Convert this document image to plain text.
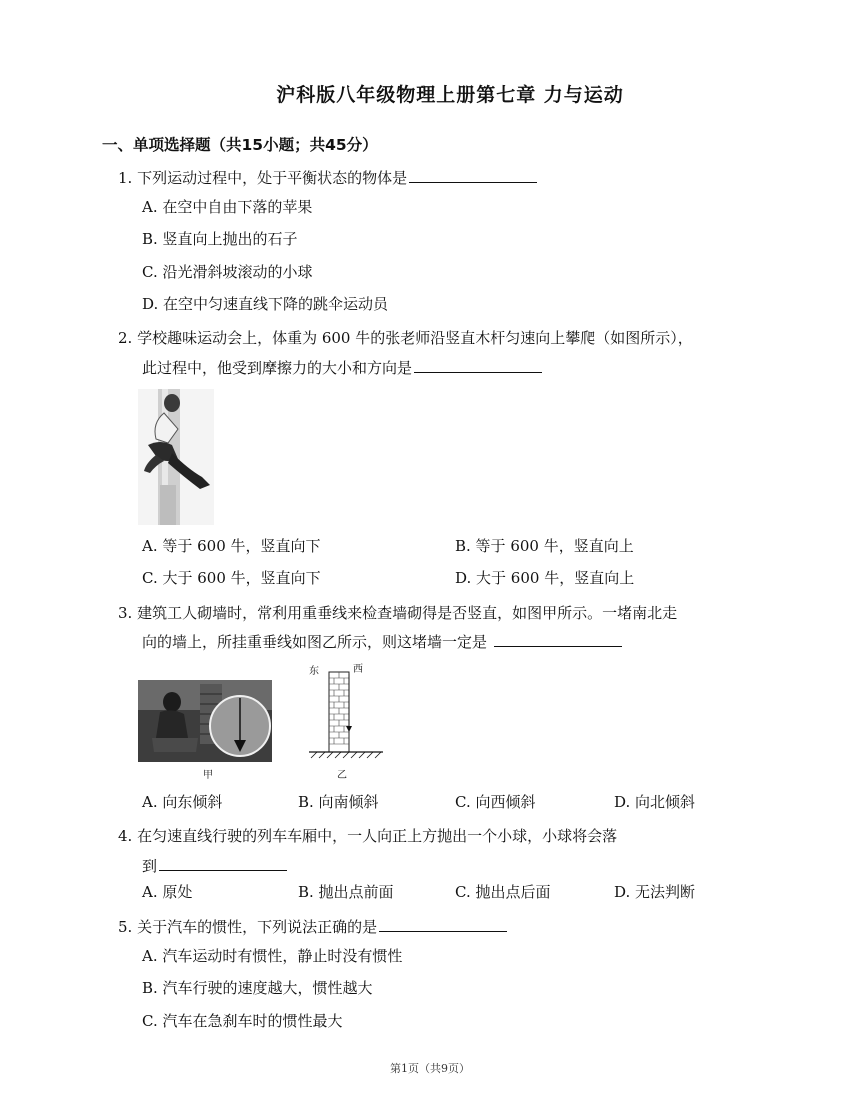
沪科版八年级物理上册第七章 力与运动
一、单项选择题（共15小题；共45分）
1. 下列运动过程中，处于平衡状态的物体是
A. 在空中自由下落的苹果
B. 竖直向上抛出的石子
C. 沿光滑斜坡滚动的小球
D. 在空中匀速直线下降的跳伞运动员
2. 学校趣味运动会上，体重为 600 牛的张老师沿竖直木杆匀速向上攀爬（如图所示），
此过程中，他受到摩擦力的大小和方向是
A. 等于 600 牛，竖直向下	B. 等于 600 牛，竖直向上
C. 大于 600 牛，竖直向下	D. 大于 600 牛，竖直向上
3. 建筑工人砌墙时，常利用重垂线来检查墙砌得是否竖直，如图甲所示。一堵南北走
向的墙上，所挂重垂线如图乙所示，则这堵墙一定是
甲
东	西
乙
A. 向东倾斜	B. 向南倾斜	C. 向西倾斜	D. 向北倾斜
4. 在匀速直线行驶的列车车厢中，一人向正上方抛出一个小球，小球将会落
到
A. 原处	B. 抛出点前面	C. 抛出点后面	D. 无法判断
5. 关于汽车的惯性，下列说法正确的是
A. 汽车运动时有惯性，静止时没有惯性
B. 汽车行驶的速度越大，惯性越大
C. 汽车在急刹车时的惯性最大
第1页（共9页）
